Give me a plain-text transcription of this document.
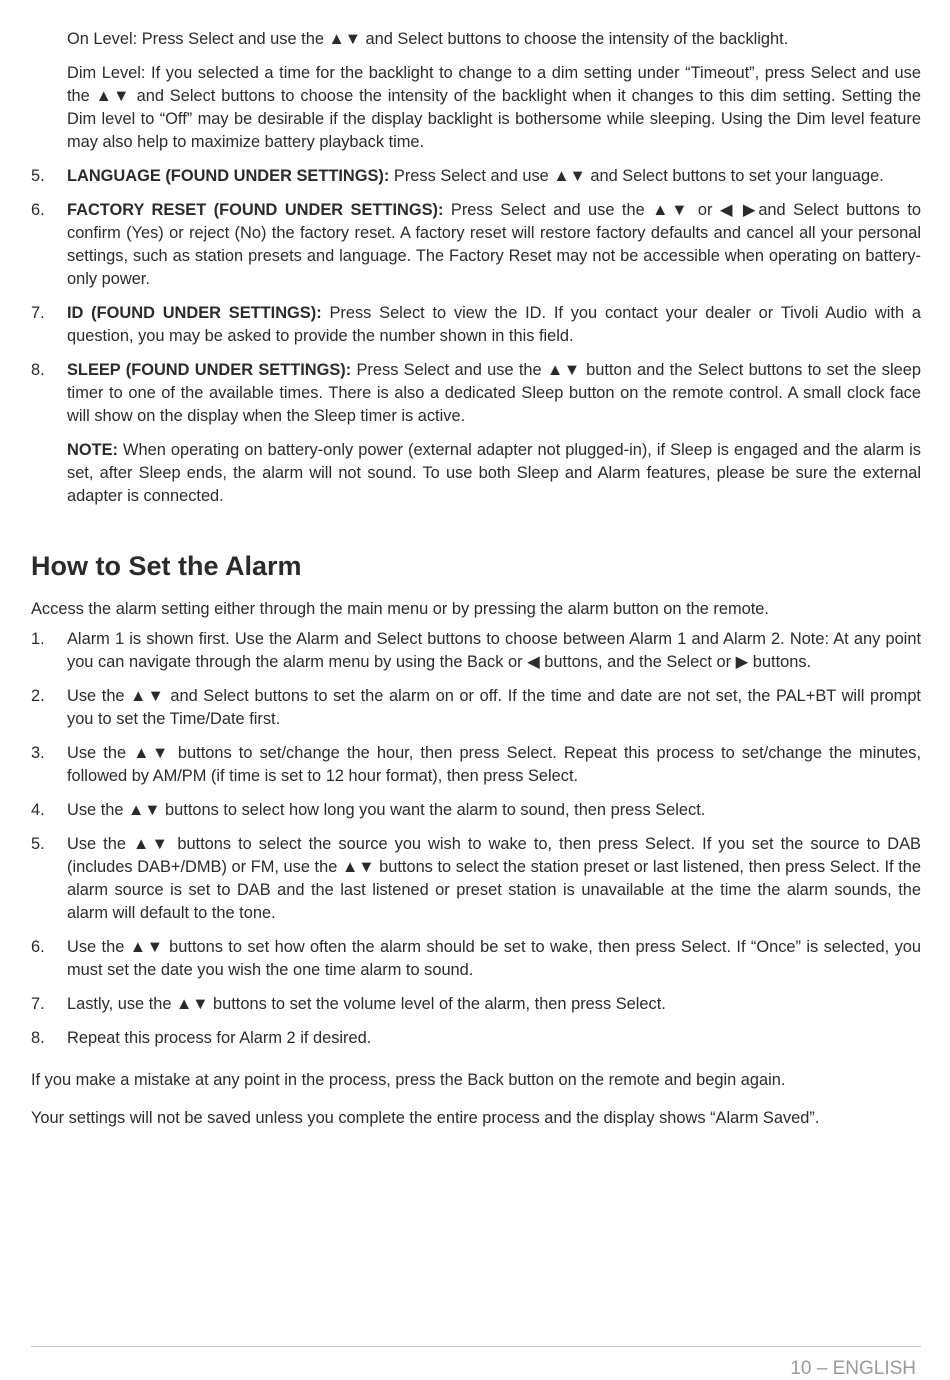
On Level: Press Select and use the ▲▼ and Select buttons to choose the intensity of the backlight.

Dim Level: If you selected a time for the backlight to change to a dim setting under “Timeout”, press Select and use the ▲▼ and Select buttons to choose the intensity of the backlight when it changes to this dim setting. Setting the Dim level to “Off” may be desirable if the display backlight is bothersome while sleeping. Using the Dim level feature may also help to maximize battery playback time.

5.	LANGUAGE (FOUND UNDER SETTINGS): Press Select and use ▲▼ and Select buttons to set your language.

6.	FACTORY RESET (FOUND UNDER SETTINGS): Press Select and use the ▲▼ or ◀ ▶and Select buttons to confirm (Yes) or reject (No) the factory reset. A factory reset will restore factory defaults and cancel all your personal settings, such as station presets and language. The Factory Reset may not be accessible when operating on battery-only power.

7.	ID (FOUND UNDER SETTINGS): Press Select to view the ID. If you contact your dealer or Tivoli Audio with a question, you may be asked to provide the number shown in this field.

8.	SLEEP (FOUND UNDER SETTINGS): Press Select and use the ▲▼ button and the Select buttons to set the sleep timer to one of the available times. There is also a dedicated Sleep button on the remote control. A small clock face will show on the display when the Sleep timer is active.

NOTE: When operating on battery-only power (external adapter not plugged-in), if Sleep is engaged and the alarm is set, after Sleep ends, the alarm will not sound. To use both Sleep and Alarm features, please be sure the external adapter is connected.

How to Set the Alarm

Access the alarm setting either through the main menu or by pressing the alarm button on the remote.

1.	Alarm 1 is shown first. Use the Alarm and Select buttons to choose between Alarm 1 and Alarm 2. Note: At any point you can navigate through the alarm menu by using the Back or ◀ buttons, and the Select or ▶ buttons.

2.	Use the ▲▼ and Select buttons to set the alarm on or off. If the time and date are not set, the PAL+BT will prompt you to set the Time/Date first.

3.	Use the ▲▼ buttons to set/change the hour, then press Select. Repeat this process to set/change the minutes, followed by AM/PM (if time is set to 12 hour format), then press Select.

4.	Use the ▲▼ buttons to select how long you want the alarm to sound, then press Select.

5.	Use the ▲▼ buttons to select the source you wish to wake to, then press Select. If you set the source to DAB (includes DAB+/DMB) or FM, use the ▲▼ buttons to select the station preset or last listened, then press Select. If the alarm source is set to DAB and the last listened or preset station is unavailable at the time the alarm sounds, the alarm will default to the tone.

6.	Use the ▲▼ buttons to set how often the alarm should be set to wake, then press Select. If “Once” is selected, you must set the date you wish the one time alarm to sound.

7.	Lastly, use the ▲▼ buttons to set the volume level of the alarm, then press Select.

8.	Repeat this process for Alarm 2 if desired.

If you make a mistake at any point in the process, press the Back button on the remote and begin again.

Your settings will not be saved unless you complete the entire process and the display shows “Alarm Saved”.

10 – ENGLISH
